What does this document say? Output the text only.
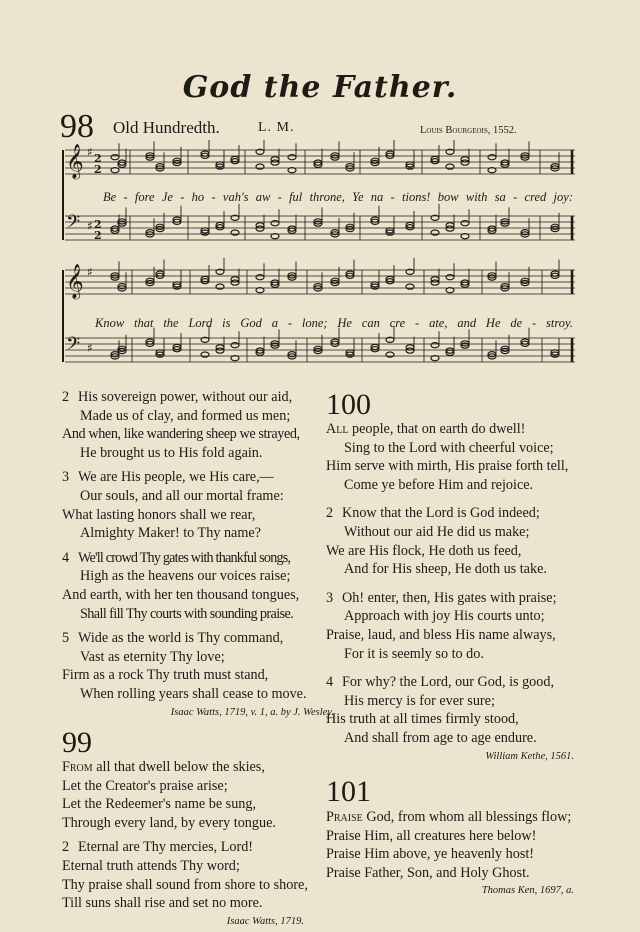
God the Father.
98 Old Hundredth.	L. M.	Louis Bourgeois, 1552.
𝄞 ♯
𝄢 ♯
𝄞 ♯
𝄢 ♯
2
2
2
2
Be - fore Je - ho - vah's aw - ful throne, Ye na - tions! bow with sa - cred joy:
Know that the Lord is God a - lone; He can cre - ate, and He de - stroy.
2 His sovereign power, without our aid,
Made us of clay, and formed us men;
And when, like wandering sheep we strayed,
He brought us to His fold again.
3 We are His people, we His care,—
Our souls, and all our mortal frame:
What lasting honors shall we rear,
Almighty Maker! to Thy name?
4 We'll crowd Thy gates with thankful songs,
High as the heavens our voices raise;
And earth, with her ten thousand tongues,
Shall fill Thy courts with sounding praise.
5 Wide as the world is Thy command,
Vast as eternity Thy love;
Firm as a rock Thy truth must stand,
When rolling years shall cease to move.
Isaac Watts, 1719, v. 1, a. by J. Wesley.
99
From all that dwell below the skies,
Let the Creator's praise arise;
Let the Redeemer's name be sung,
Through every land, by every tongue.
2 Eternal are Thy mercies, Lord!
Eternal truth attends Thy word;
Thy praise shall sound from shore to shore,
Till suns shall rise and set no more.
Isaac Watts, 1719.
100
All people, that on earth do dwell!
Sing to the Lord with cheerful voice;
Him serve with mirth, His praise forth tell,
Come ye before Him and rejoice.
2 Know that the Lord is God indeed;
Without our aid He did us make;
We are His flock, He doth us feed,
And for His sheep, He doth us take.
3 Oh! enter, then, His gates with praise;
Approach with joy His courts unto;
Praise, laud, and bless His name always,
For it is seemly so to do.
4 For why? the Lord, our God, is good,
His mercy is for ever sure;
His truth at all times firmly stood,
And shall from age to age endure.
William Kethe, 1561.
101
Praise God, from whom all blessings flow;
Praise Him, all creatures here below!
Praise Him above, ye heavenly host!
Praise Father, Son, and Holy Ghost.
Thomas Ken, 1697, a.
